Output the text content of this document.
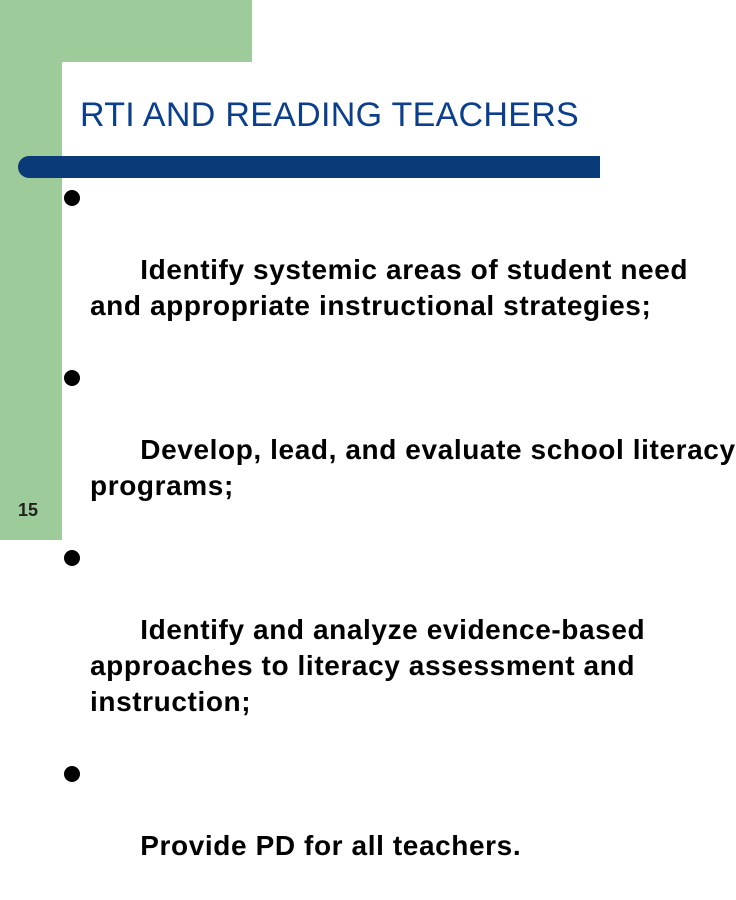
RTI AND READING TEACHERS

Identify systemic areas of student need
and appropriate instructional strategies;

Develop, lead, and evaluate school literacy
programs;

Identify and analyze evidence-based
approaches to literacy assessment and
instruction;

Provide PD for all teachers.

15
